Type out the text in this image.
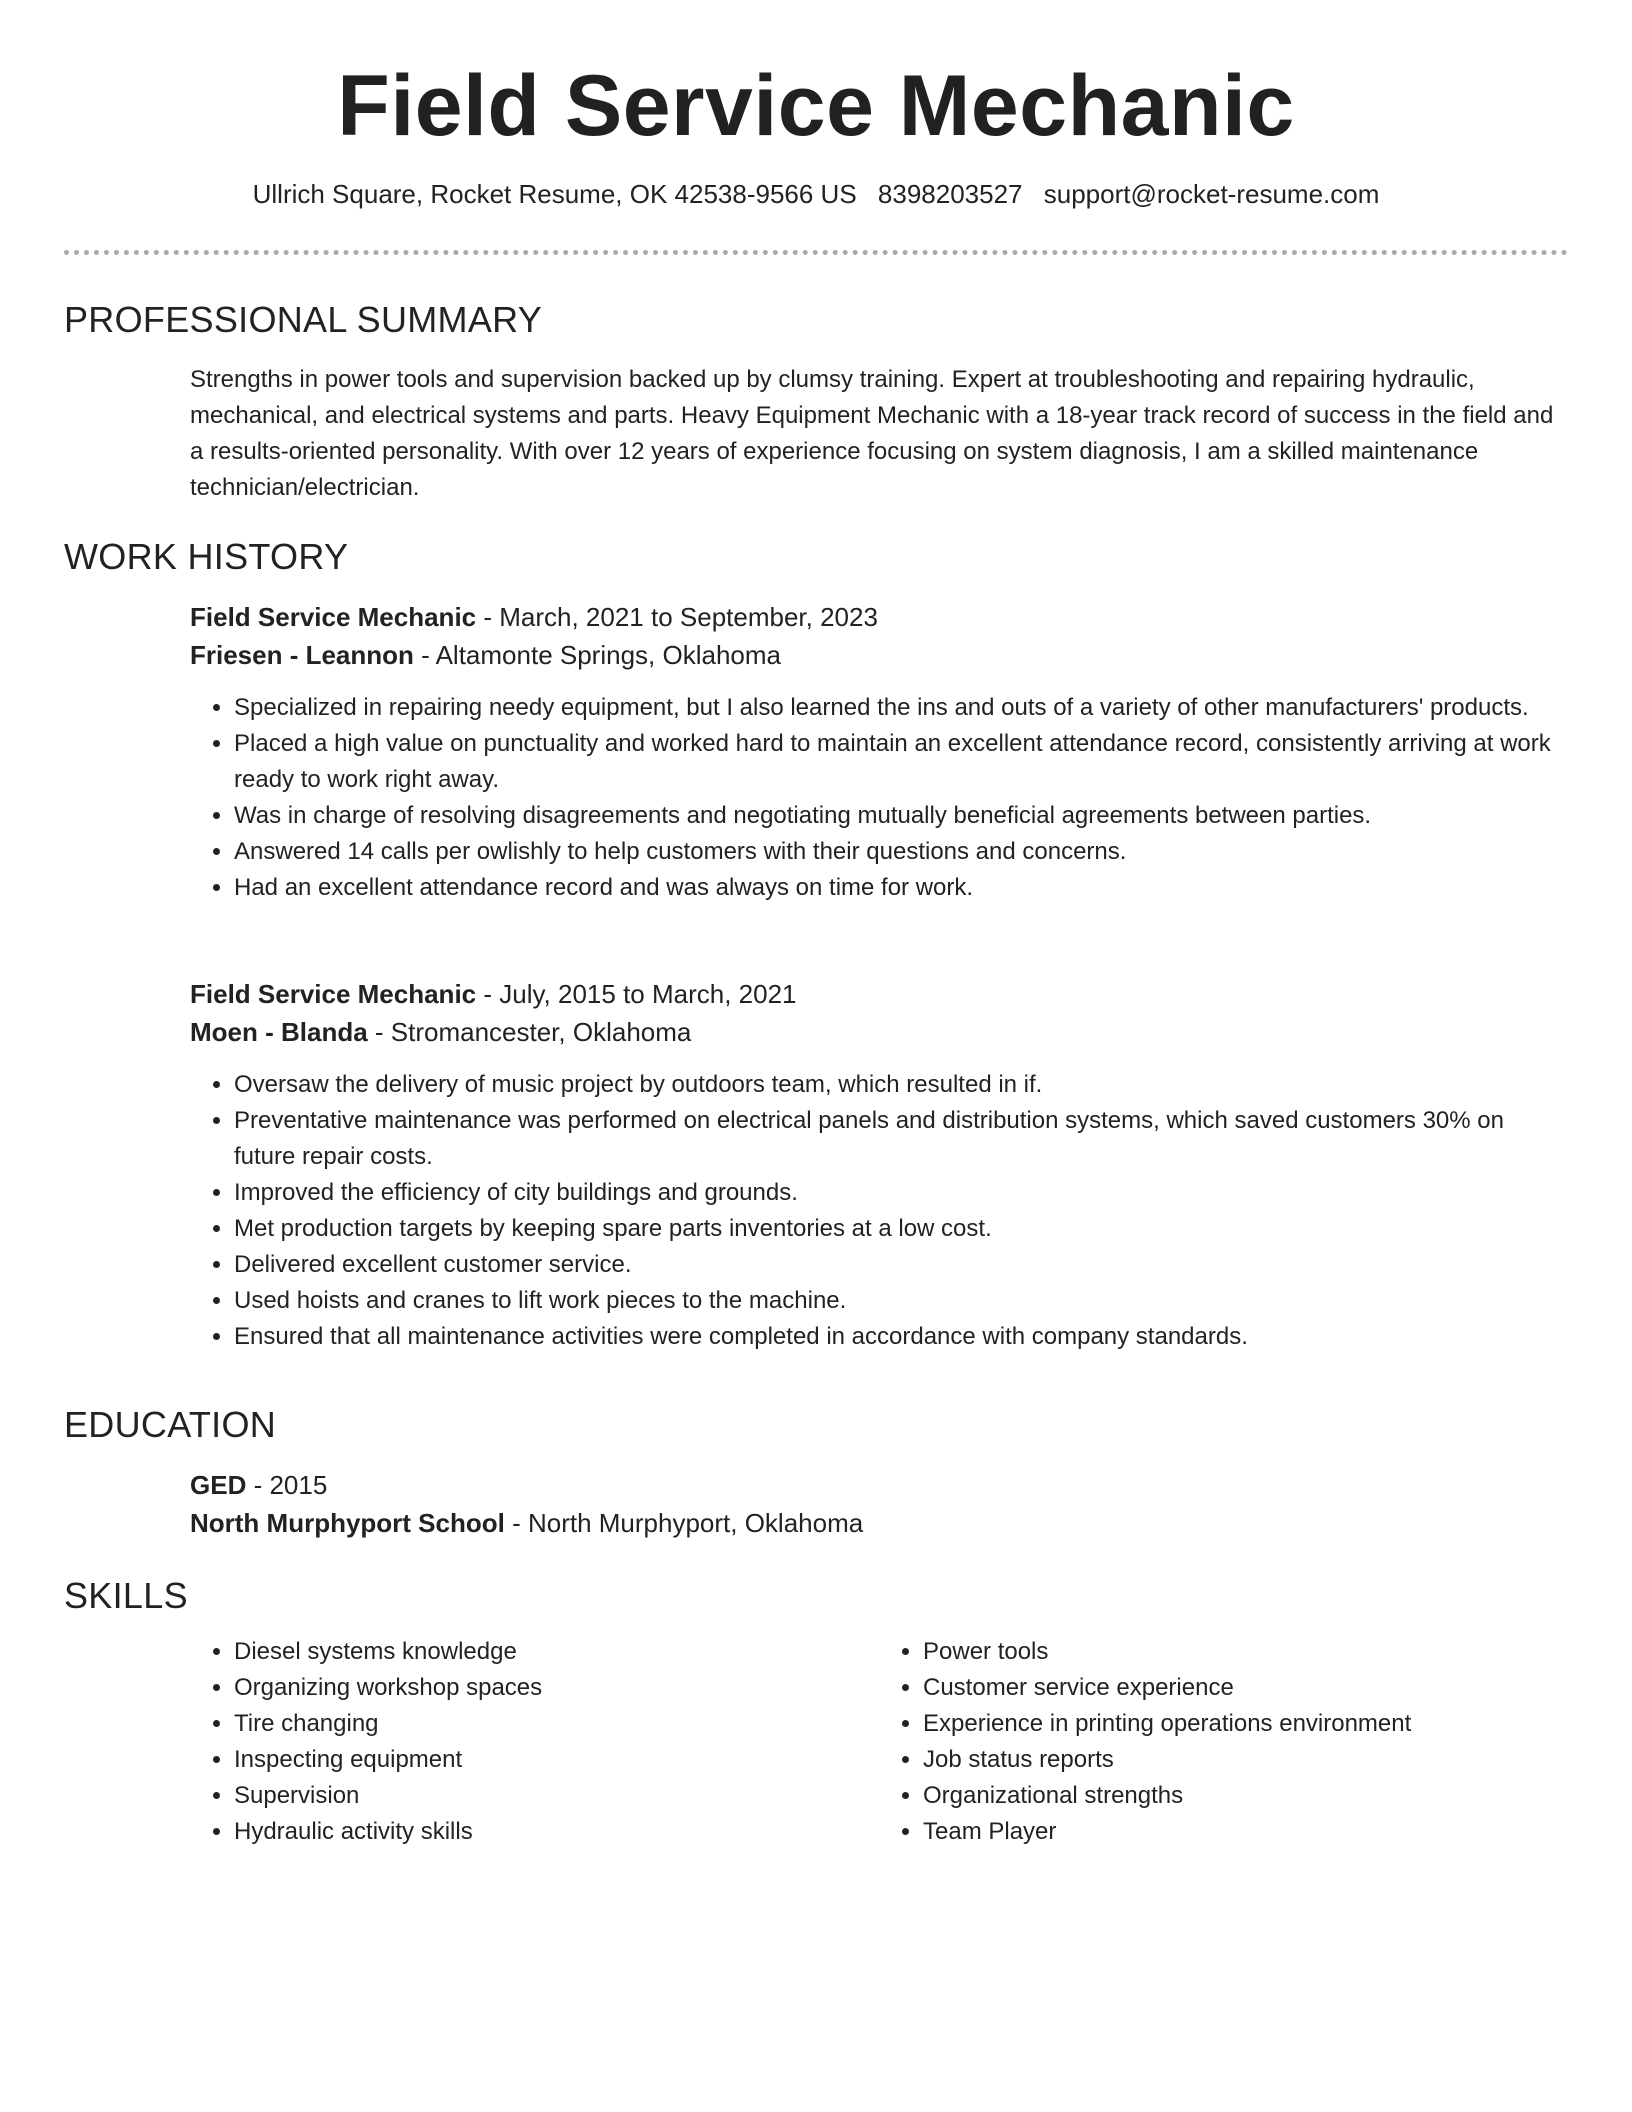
Field Service Mechanic
Ullrich Square, Rocket Resume, OK 42538-9566 US 8398203527 support@rocket-resume.com
PROFESSIONAL SUMMARY

Strengths in power tools and supervision backed up by clumsy training. Expert at troubleshooting and repairing hydraulic, mechanical, and electrical systems and parts. Heavy Equipment Mechanic with a 18-year track record of success in the field and a results-oriented personality. With over 12 years of experience focusing on system diagnosis, I am a skilled maintenance technician/electrician.

WORK HISTORY

Field Service Mechanic - March, 2021 to September, 2023

Friesen - Leannon - Altamonte Springs, Oklahoma

• Specialized in repairing needy equipment, but I also learned the ins and outs of a variety of other manufacturers' products.
• Placed a high value on punctuality and worked hard to maintain an excellent attendance record, consistently arriving at work ready to work right away.
• Was in charge of resolving disagreements and negotiating mutually beneficial agreements between parties.
• Answered 14 calls per owlishly to help customers with their questions and concerns.
• Had an excellent attendance record and was always on time for work.

Field Service Mechanic - July, 2015 to March, 2021

Moen - Blanda - Stromancester, Oklahoma

• Oversaw the delivery of music project by outdoors team, which resulted in if.
• Preventative maintenance was performed on electrical panels and distribution systems, which saved customers 30% on future repair costs.
• Improved the efficiency of city buildings and grounds.
• Met production targets by keeping spare parts inventories at a low cost.
• Delivered excellent customer service.
• Used hoists and cranes to lift work pieces to the machine.
• Ensured that all maintenance activities were completed in accordance with company standards.
EDUCATION

GED - 2015

North Murphyport School - North Murphyport, Oklahoma

SKILLS
• Diesel systems knowledge
• Organizing workshop spaces
• Tire changing
• Inspecting equipment
• Supervision
• Hydraulic activity skills
• Power tools
• Customer service experience
• Experience in printing operations environment
• Job status reports
• Organizational strengths
• Team Player
